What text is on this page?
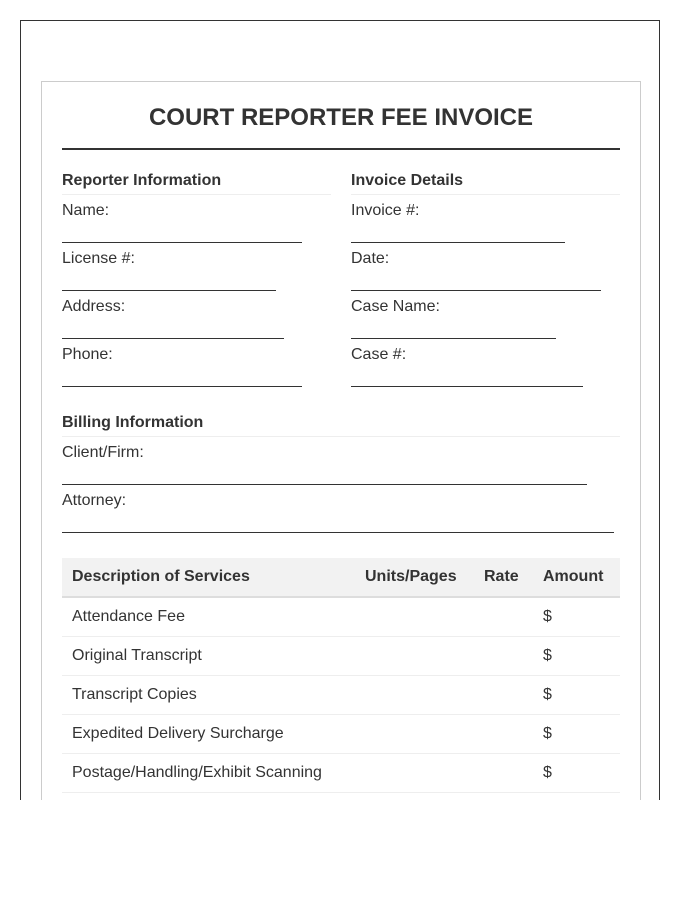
COURT REPORTER FEE INVOICE
Reporter Information
Name:
License #:
Address:
Phone:
Invoice Details
Invoice #:
Date:
Case Name:
Case #:
Billing Information
Client/Firm:
Attorney:
Description of Services	Units/Pages	Rate	Amount
Attendance Fee			$
Original Transcript			$
Transcript Copies			$
Expedited Delivery Surcharge			$
Postage/Handling/Exhibit Scanning			$
